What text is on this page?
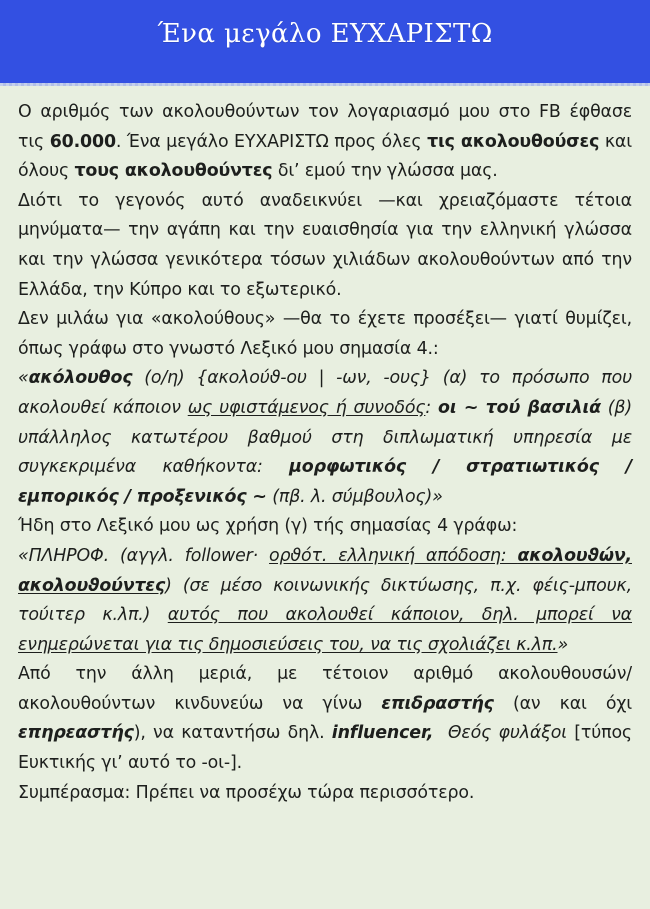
Ένα μεγάλο ΕΥΧΑΡΙΣΤΩ

Ο αριθμός των ακολουθούντων τον λογαριασμό μου στο FB έφθασε τις 60.000. Ένα μεγάλο ΕΥΧΑΡΙΣΤΩ προς όλες τις ακολουθούσες και όλους τους ακολουθούντες δι’ εμού την γλώσσα μας.

Διότι το γεγονός αυτό αναδεικνύει —και χρειαζόμαστε τέτοια μηνύματα— την αγάπη και την ευαισθησία για την ελληνική γλώσσα και την γλώσσα γενικότερα τόσων χιλιάδων ακολουθούντων από την Ελλάδα, την Κύπρο και το εξωτερικό.

Δεν μιλάω για «ακολούθους» —θα το έχετε προσέξει— γιατί θυμίζει, όπως γράφω στο γνωστό Λεξικό μου σημασία 4.:

«ακόλουθος (ο/η) {ακολούϑ-ου | -ων, -ους} (α) το πρόσωπο που ακολουθεί κάποιον ως υφιστάμενος ή συνοδός: οι ~ τού βασιλιά (β) υπάλληλος κατωτέρου βαθμού στη διπλωματική υπηρεσία με συγκεκριμένα καθήκοντα: μορφωτικός / στρατιωτικός / εμπορικός / προξενικός ~ (πβ. λ. σύμβουλος)»

Ήδη στο Λεξικό μου ως χρήση (γ) τής σημασίας 4 γράφω:

«ΠΛΗΡΟΦ. (αγγλ. follower· ορϑότ. ελληνική απόδοση: ακολουϑών, ακολουϑούντες) (σε μέσο κοινωνικής δικτύωσης, π.χ. φέις-μπουκ, τούιτερ κ.λπ.) αυτός που ακολουϑεί κάποιον, δηλ. μπορεί να ενημερώνεται για τις δημοσιεύσεις του, να τις σχολιάζει κ.λπ.»

Από την άλλη μεριά, με τέτοιον αριθμό ακολουθουσών/ακολουθούντων κινδυνεύω να γίνω επιδραστής (αν και όχι επηρεαστής), να καταντήσω δηλ. influencer, Θεός φυλάξοι [τύπος Ευκτικής γι’ αυτό το -οι-].

Συμπέρασμα: Πρέπει να προσέχω τώρα περισσότερο.
